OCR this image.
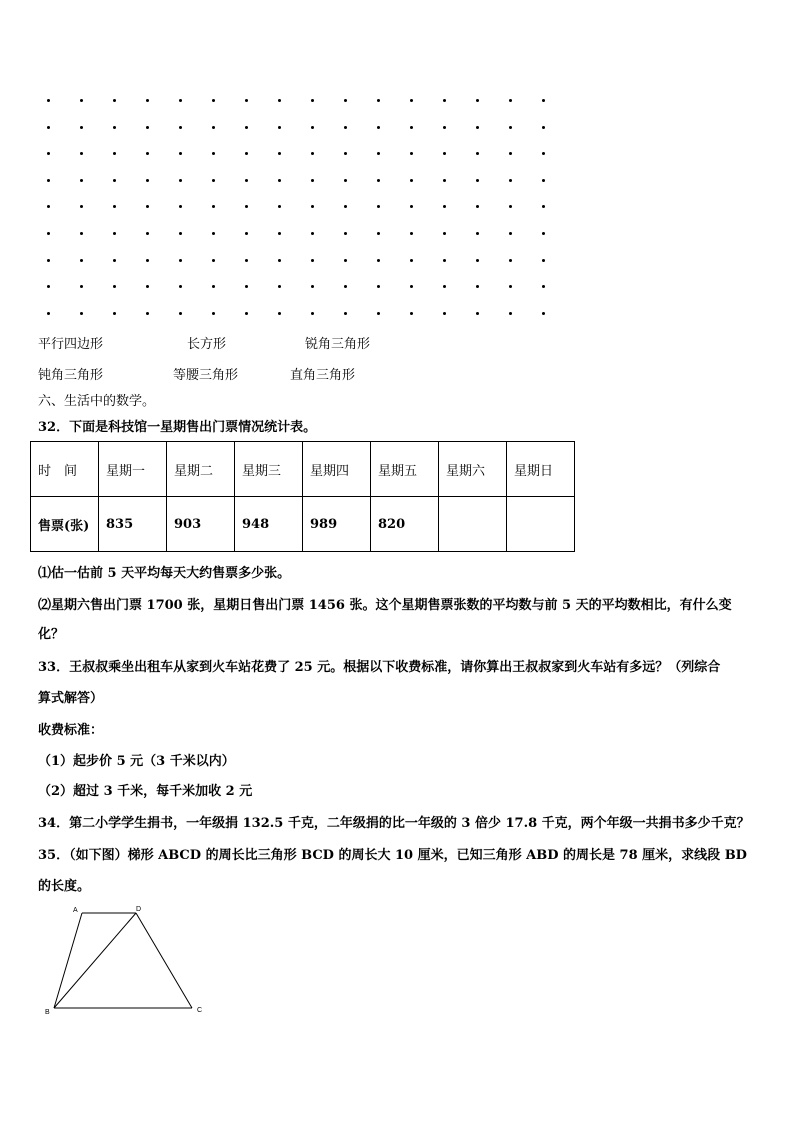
平行四边形	长方形	锐角三角形
钝角三角形	等腰三角形	直角三角形
六、生活中的数学。
32．下面是科技馆一星期售出门票情况统计表。
时　间	星期一	星期二	星期三	星期四	星期五	星期六	星期日
售票(张)	835	903	948	989	820		
⑴估一估前 5 天平均每天大约售票多少张。
⑵星期六售出门票 1700 张，星期日售出门票 1456 张。这个星期售票张数的平均数与前 5 天的平均数相比，有什么变
化？
33．王叔叔乘坐出租车从家到火车站花费了 25 元。根据以下收费标准，请你算出王叔叔家到火车站有多远？（列综合
算式解答）
收费标准：
（1）起步价 5 元（3 千米以内）
（2）超过 3 千米，每千米加收 2 元
34．第二小学学生捐书，一年级捐 132.5 千克，二年级捐的比一年级的 3 倍少 17.8 千克，两个年级一共捐书多少千克？
35．（如下图）梯形 ABCD 的周长比三角形 BCD 的周长大 10 厘米，已知三角形 ABD 的周长是 78 厘米，求线段 BD
的长度。
A	D
B	C
